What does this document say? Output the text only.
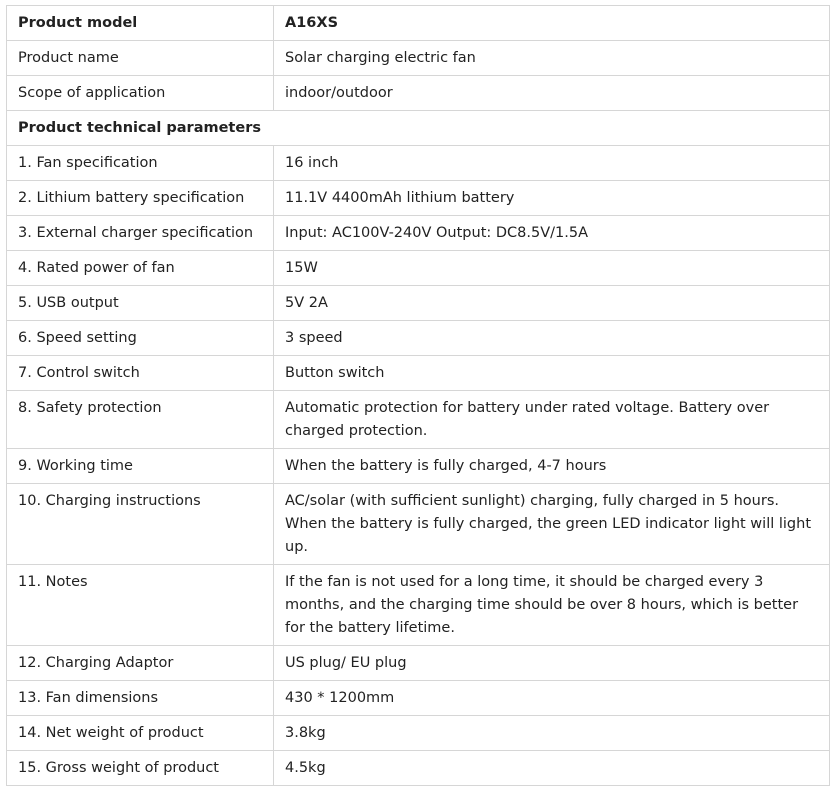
Product model	A16XS
Product name	Solar charging electric fan
Scope of application	indoor/outdoor
Product technical parameters	
1. Fan specification	16 inch
2. Lithium battery specification	11.1V 4400mAh lithium battery
3. External charger specification	Input: AC100V-240V Output: DC8.5V/1.5A
4. Rated power of fan	15W
5. USB output	5V 2A
6. Speed setting	3 speed
7. Control switch	Button switch
8. Safety protection	Automatic protection for battery under rated voltage. Battery over charged protection.
9. Working time	When the battery is fully charged, 4-7 hours
10. Charging instructions	AC/solar (with sufficient sunlight) charging, fully charged in 5 hours. When the battery is fully charged, the green LED indicator light will light up.
11. Notes	If the fan is not used for a long time, it should be charged every 3 months, and the charging time should be over 8 hours, which is better for the battery lifetime.
12. Charging Adaptor	US plug/ EU plug
13. Fan dimensions	430 * 1200mm
14. Net weight of product	3.8kg
15. Gross weight of product	4.5kg
